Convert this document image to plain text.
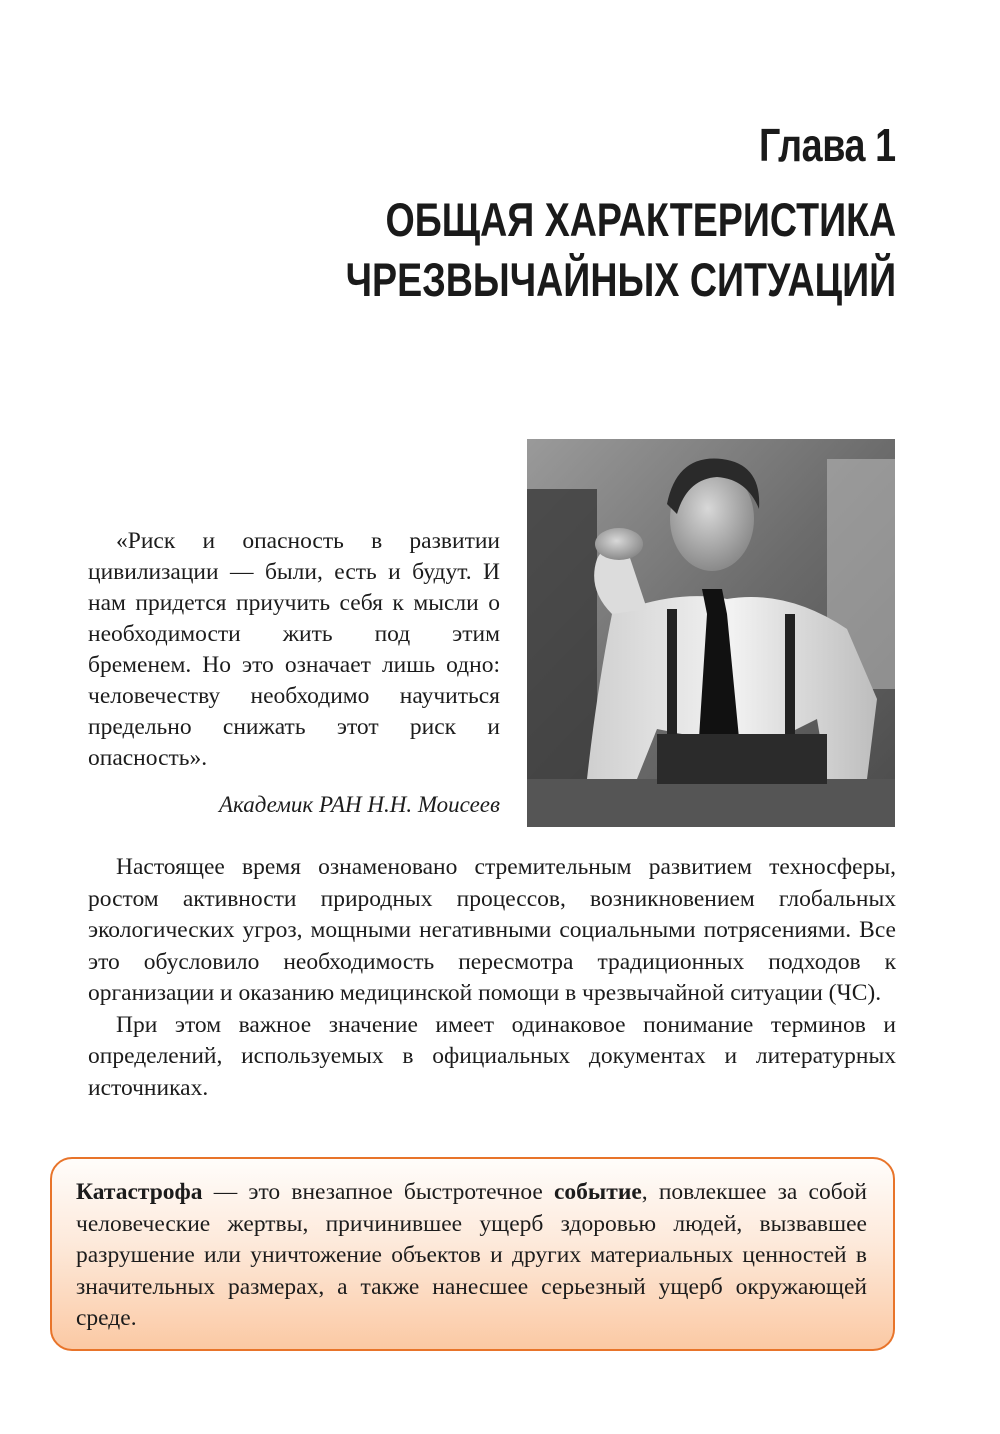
Глава 1
ОБЩАЯ ХАРАКТЕРИСТИКА
ЧРЕЗВЫЧАЙНЫХ СИТУАЦИЙ
«Риск и опасность в развитии цивилизации — были, есть и будут. И нам придется приучить себя к мысли о необходимости жить под этим бременем. Но это означает лишь одно: человечеству необходимо научиться предельно снижать этот риск и опасность».
Академик РАН Н.Н. Моисеев

Настоящее время ознаменовано стремительным развитием техносферы, ростом активности природных процессов, возникновением глобальных экологических угроз, мощными негативными социальными потрясениями. Все это обусловило необходимость пересмотра традиционных подходов к организации и оказанию медицинской помощи в чрезвычайной ситуации (ЧС).

При этом важное значение имеет одинаковое понимание терминов и определений, используемых в официальных документах и литературных источниках.

Катастрофа — это внезапное быстротечное событие, повлекшее за собой человеческие жертвы, причинившее ущерб здоровью людей, вызвавшее разрушение или уничтожение объектов и других материальных ценностей в значительных размерах, а также нанесшее серьезный ущерб окружающей среде.
